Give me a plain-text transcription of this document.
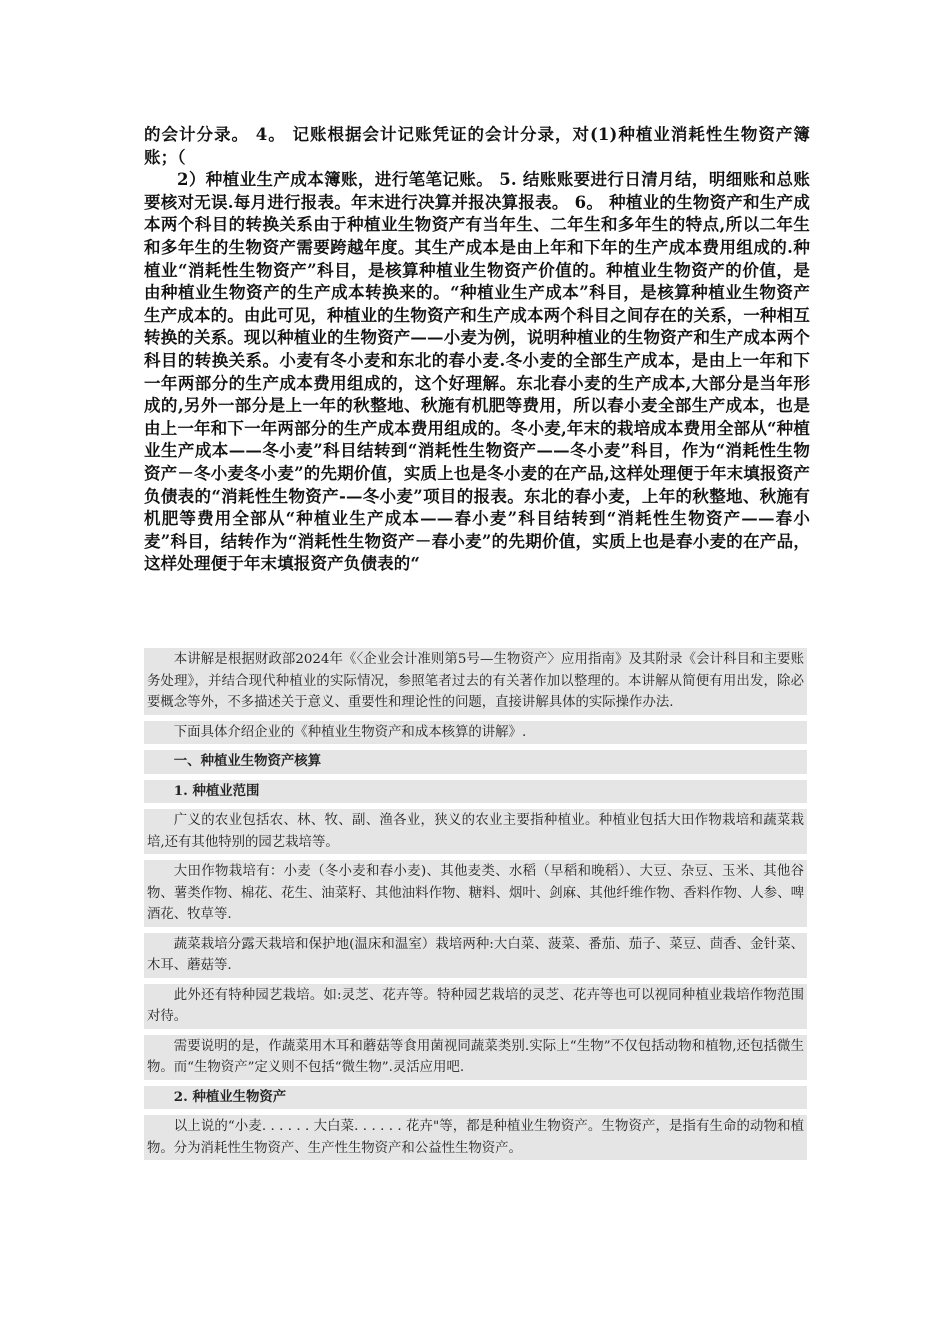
的会计分录。 4。 记账根据会计记账凭证的会计分录，对(1)种植业消耗性生物资产簿账；（

2）种植业生产成本簿账，进行笔笔记账。 5. 结账账要进行日清月结，明细账和总账要核对无误.每月进行报表。年末进行决算并报决算报表。 6。 种植业的生物资产和生产成本两个科目的转换关系由于种植业生物资产有当年生、二年生和多年生的特点,所以二年生和多年生的生物资产需要跨越年度。其生产成本是由上年和下年的生产成本费用组成的.种植业“消耗性生物资产”科目，是核算种植业生物资产价值的。种植业生物资产的价值，是由种植业生物资产的生产成本转换来的。“种植业生产成本”科目，是核算种植业生物资产生产成本的。由此可见，种植业的生物资产和生产成本两个科目之间存在的关系，一种相互转换的关系。现以种植业的生物资产——小麦为例，说明种植业的生物资产和生产成本两个科目的转换关系。小麦有冬小麦和东北的春小麦.冬小麦的全部生产成本，是由上一年和下一年两部分的生产成本费用组成的，这个好理解。东北春小麦的生产成本,大部分是当年形成的,另外一部分是上一年的秋整地、秋施有机肥等费用，所以春小麦全部生产成本，也是由上一年和下一年两部分的生产成本费用组成的。冬小麦,年末的栽培成本费用全部从“种植业生产成本——冬小麦”科目结转到“消耗性生物资产——冬小麦”科目，作为“消耗性生物资产－冬小麦冬小麦”的先期价值，实质上也是冬小麦的在产品,这样处理便于年末填报资产负债表的“消耗性生物资产-—冬小麦”项目的报表。东北的春小麦，上年的秋整地、秋施有机肥等费用全部从“种植业生产成本——春小麦”科目结转到“消耗性生物资产——春小麦”科目，结转作为“消耗性生物资产－春小麦”的先期价值，实质上也是春小麦的在产品，这样处理便于年末填报资产负债表的“

本讲解是根据财政部2024年《〈企业会计准则第5号—生物资产〉应用指南》及其附录《会计科目和主要账务处理》，并结合现代种植业的实际情况，参照笔者过去的有关著作加以整理的。本讲解从简便有用出发，除必要概念等外，不多描述关于意义、重要性和理论性的问题，直接讲解具体的实际操作办法.

下面具体介绍企业的《种植业生物资产和成本核算的讲解》.

一、种植业生物资产核算

1. 种植业范围

广义的农业包括农、林、牧、副、渔各业，狭义的农业主要指种植业。种植业包括大田作物栽培和蔬菜栽培,还有其他特别的园艺栽培等。

大田作物栽培有：小麦（冬小麦和春小麦)、其他麦类、水稻（早稻和晚稻）、大豆、杂豆、玉米、其他谷物、薯类作物、棉花、花生、油菜籽、其他油料作物、糖料、烟叶、剑麻、其他纤维作物、香料作物、人参、啤酒花、牧草等.

蔬菜栽培分露天栽培和保护地(温床和温室）栽培两种:大白菜、菠菜、番茄、茄子、菜豆、茴香、金针菜、木耳、蘑菇等.

此外还有特种园艺栽培。如:灵芝、花卉等。特种园艺栽培的灵芝、花卉等也可以视同种植业栽培作物范围对待。

需要说明的是，作蔬菜用木耳和蘑菇等食用菌视同蔬菜类别.实际上“生物”不仅包括动物和植物,还包括微生物。而“生物资产”定义则不包括“微生物”.灵活应用吧.

2. 种植业生物资产

以上说的“小麦. . . . . . 大白菜. . . . . . 花卉"等，都是种植业生物资产。生物资产，是指有生命的动物和植物。分为消耗性生物资产、生产性生物资产和公益性生物资产。
